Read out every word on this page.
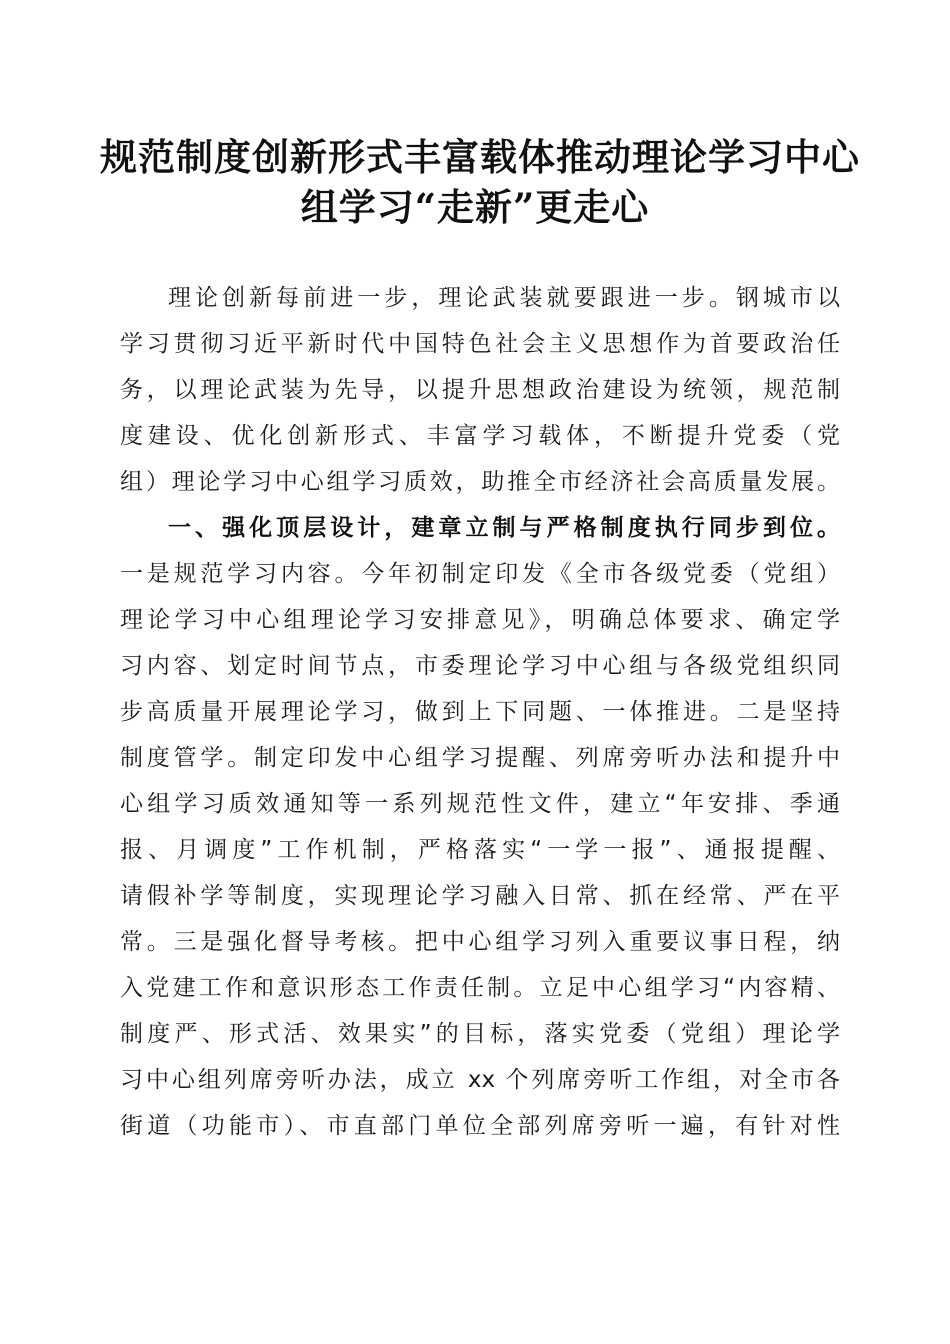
规范制度创新形式丰富载体推动理论学习中心
组学习“走新”更走心
理论创新每前进一步，理论武装就要跟进一步。钢城市以
学习贯彻习近平新时代中国特色社会主义思想作为首要政治任
务，以理论武装为先导，以提升思想政治建设为统领，规范制
度建设、优化创新形式、丰富学习载体，不断提升党委（党
组）理论学习中心组学习质效，助推全市经济社会高质量发展。
一、强化顶层设计，建章立制与严格制度执行同步到位。
一是规范学习内容。今年初制定印发《全市各级党委（党组）
理论学习中心组理论学习安排意见》，明确总体要求、确定学
习内容、划定时间节点，市委理论学习中心组与各级党组织同
步高质量开展理论学习，做到上下同题、一体推进。二是坚持
制度管学。制定印发中心组学习提醒、列席旁听办法和提升中
心组学习质效通知等一系列规范性文件，建立“年安排、季通
报、月调度”工作机制，严格落实“一学一报”、通报提醒、
请假补学等制度，实现理论学习融入日常、抓在经常、严在平
常。三是强化督导考核。把中心组学习列入重要议事日程，纳
入党建工作和意识形态工作责任制。立足中心组学习“内容精、
制度严、形式活、效果实”的目标，落实党委（党组）理论学
习中心组列席旁听办法，成立 xx 个列席旁听工作组，对全市各
街道（功能市）、市直部门单位全部列席旁听一遍，有针对性
